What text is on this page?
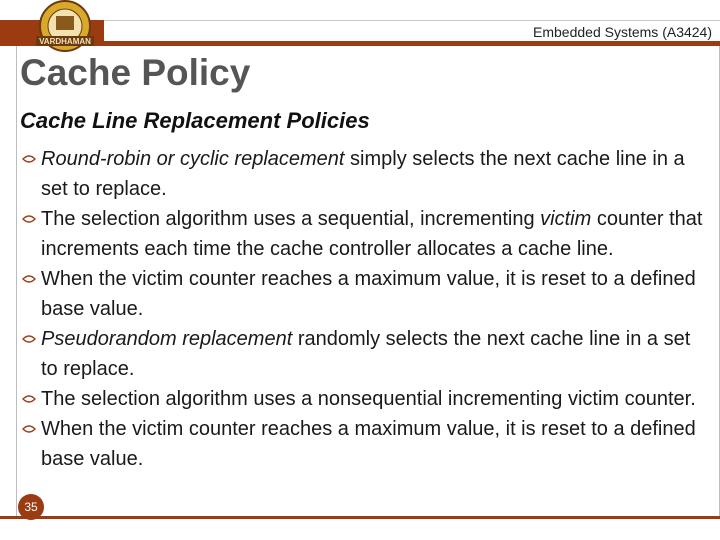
Embedded Systems (A3424)
VARDHAMAN
Cache Policy
Cache Line Replacement Policies
Round-robin or cyclic replacement simply selects the next cache line in a set to replace.
The selection algorithm uses a sequential, incrementing victim counter that increments each time the cache controller allocates a cache line.
When the victim counter reaches a maximum value, it is reset to a defined base value.
Pseudorandom replacement randomly selects the next cache line in a set to replace.
The selection algorithm uses a nonsequential incrementing victim counter.
When the victim counter reaches a maximum value, it is reset to a defined base value.
35
